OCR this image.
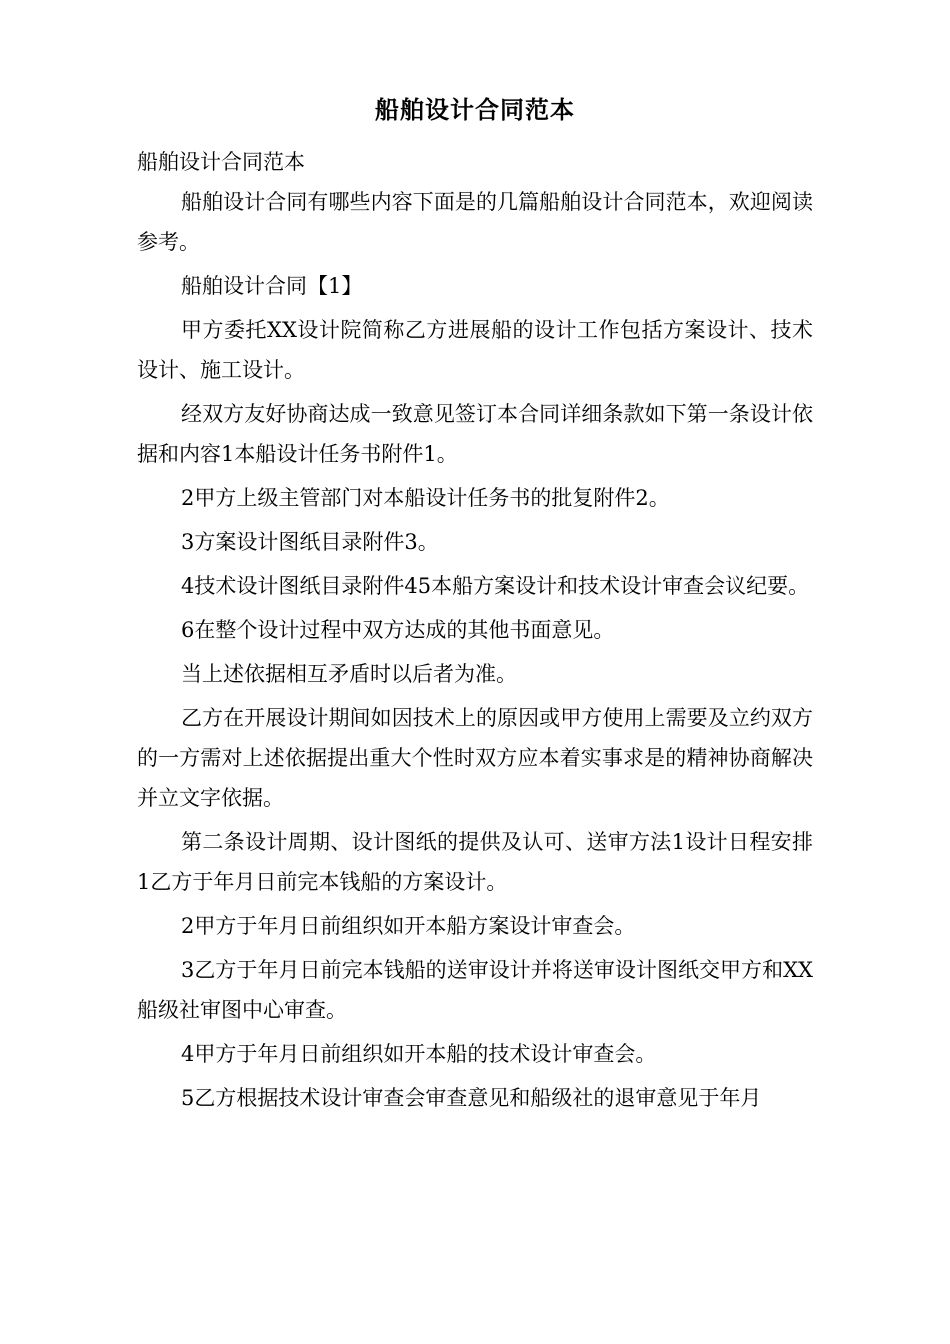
船舶设计合同范本

船舶设计合同范本

船舶设计合同有哪些内容下面是的几篇船舶设计合同范本，欢迎阅读参考。

船舶设计合同【1】

甲方委托XX设计院简称乙方进展船的设计工作包括方案设计、技术设计、施工设计。

经双方友好协商达成一致意见签订本合同详细条款如下第一条设计依据和内容1本船设计任务书附件1。

2甲方上级主管部门对本船设计任务书的批复附件2。

3方案设计图纸目录附件3。

4技术设计图纸目录附件45本船方案设计和技术设计审查会议纪要。

6在整个设计过程中双方达成的其他书面意见。

当上述依据相互矛盾时以后者为准。

乙方在开展设计期间如因技术上的原因或甲方使用上需要及立约双方的一方需对上述依据提出重大个性时双方应本着实事求是的精神协商解决并立文字依据。

第二条设计周期、设计图纸的提供及认可、送审方法1设计日程安排1乙方于年月日前完本钱船的方案设计。

2甲方于年月日前组织如开本船方案设计审查会。

3乙方于年月日前完本钱船的送审设计并将送审设计图纸交甲方和XX船级社审图中心审查。

4甲方于年月日前组织如开本船的技术设计审查会。

5乙方根据技术设计审查会审查意见和船级社的退审意见于年月
